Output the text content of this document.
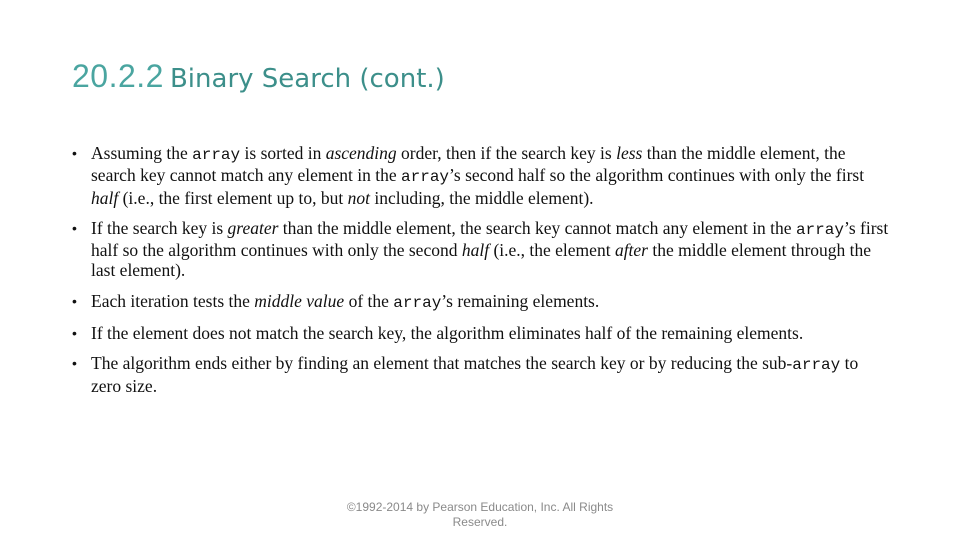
20.2.2 Binary Search (cont.)
• Assuming the array is sorted in ascending order, then if the search key is less than the middle element, the search key cannot match any element in the array’s second half so the algorithm continues with only the first half (i.e., the first element up to, but not including, the middle element).
• If the search key is greater than the middle element, the search key cannot match any element in the array’s first half so the algorithm continues with only the second half (i.e., the element after the middle element through the last element).
• Each iteration tests the middle value of the array’s remaining elements.
• If the element does not match the search key, the algorithm eliminates half of the remaining elements.
• The algorithm ends either by finding an element that matches the search key or by reducing the sub-array to zero size.
©1992-2014 by Pearson Education, Inc. All Rights
Reserved.
